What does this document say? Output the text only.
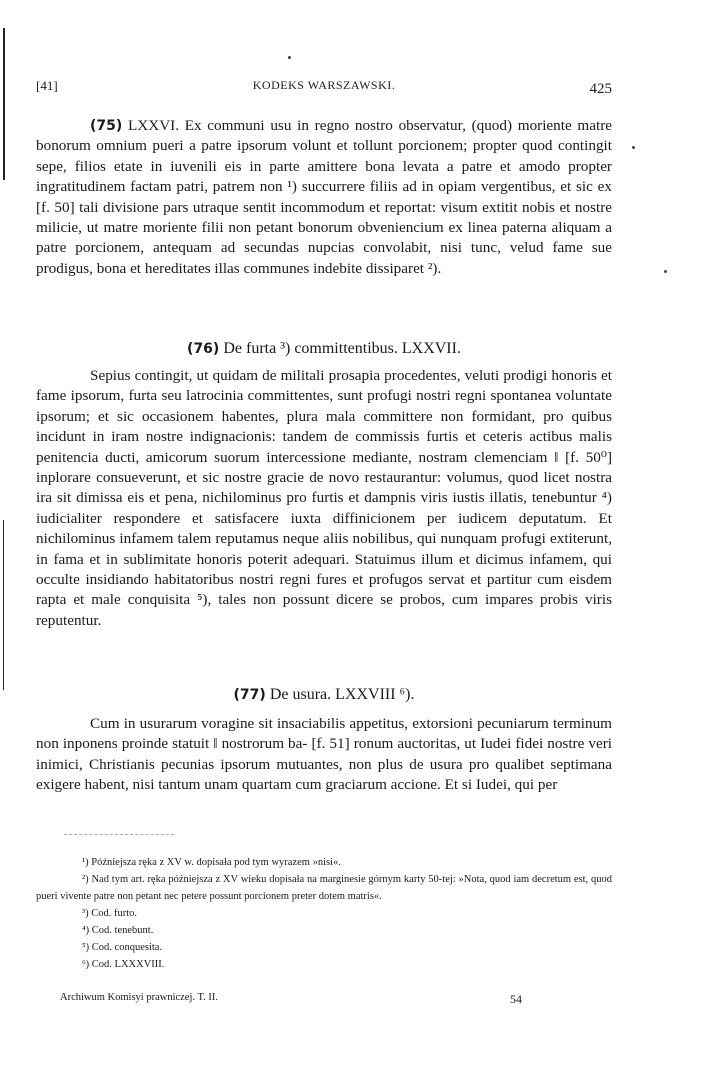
[41]	KODEKS WARSZAWSKI.	425
(75) LXXVI. Ex communi usu in regno nostro observatur, (quod) moriente matre bonorum omnium pueri a patre ipsorum volunt et tollunt porcionem; propter quod contingit sepe, filios etate in iuvenili eis in parte amittere bona levata a patre et amodo propter ingratitudinem factam patri, patrem non ¹) succurrere filiis ad in opiam vergentibus, et sic ex [f. 50] tali divisione pars utraque sentit incommodum et reportat: visum extitit nobis et nostre milicie, ut matre moriente filii non petant bonorum obveniencium ex linea paterna aliquam a patre porcionem, antequam ad secundas nupcias convolabit, nisi tunc, velud fame sue prodigus, bona et hereditates illas communes indebite dissiparet ²).
(76) De furta ³) committentibus. LXXVII.
Sepius contingit, ut quidam de militali prosapia procedentes, veluti prodigi honoris et fame ipsorum, furta seu latrocinia committentes, sunt profugi nostri regni spontanea voluntate ipsorum; et sic occasionem habentes, plura mala committere non formidant, pro quibus incidunt in iram nostre indignacionis: tandem de commissis furtis et ceteris actibus malis penitencia ducti, amicorum suorum intercessione mediante, nostram clemenciam ‖ [f. 50⁰] inplorare consueverunt, et sic nostre gracie de novo restaurantur: volumus, quod licet nostra ira sit dimissa eis et pena, nichilominus pro furtis et dampnis viris iustis illatis, tenebuntur ⁴) iudicialiter respondere et satisfacere iuxta diffinicionem per iudicem deputatum. Et nichilominus infamem talem reputamus neque aliis nobilibus, qui nunquam profugi extiterunt, in fama et in sublimitate honoris poterit adequari. Statuimus illum et dicimus infamem, qui occulte insidiando habitatoribus nostri regni fures et profugos servat et partitur cum eisdem rapta et male conquisita ⁵), tales non possunt dicere se probos, cum impares probis viris reputentur.
(77) De usura. LXXVIII ⁶).
Cum in usurarum voragine sit insaciabilis appetitus, extorsioni pecuniarum terminum non inponens proinde statuit ‖ nostrorum ba- [f. 51] ronum auctoritas, ut Iudei fidei nostre veri inimici, Christianis pecunias ipsorum mutuantes, non plus de usura pro qualibet septimana exigere habent, nisi tantum unam quartam cum graciarum accione. Et si Iudei, qui per

¹) Późniejsza ręka z XV w. dopisała pod tym wyrazem »nisi«.

²) Nad tym art. ręka późniejsza z XV wieku dopisała na marginesie górnym karty 50-tej: »Nota, quod iam decretum est, quod pueri vivente patre non petant nec petere possunt porcionem preter dotem matris«.

³) Cod. furto.

⁴) Cod. tenebunt.

⁵) Cod. conquesita.

⁶) Cod. LXXXVIII.

Archiwum Komisyi prawniczej. T. II.	54
